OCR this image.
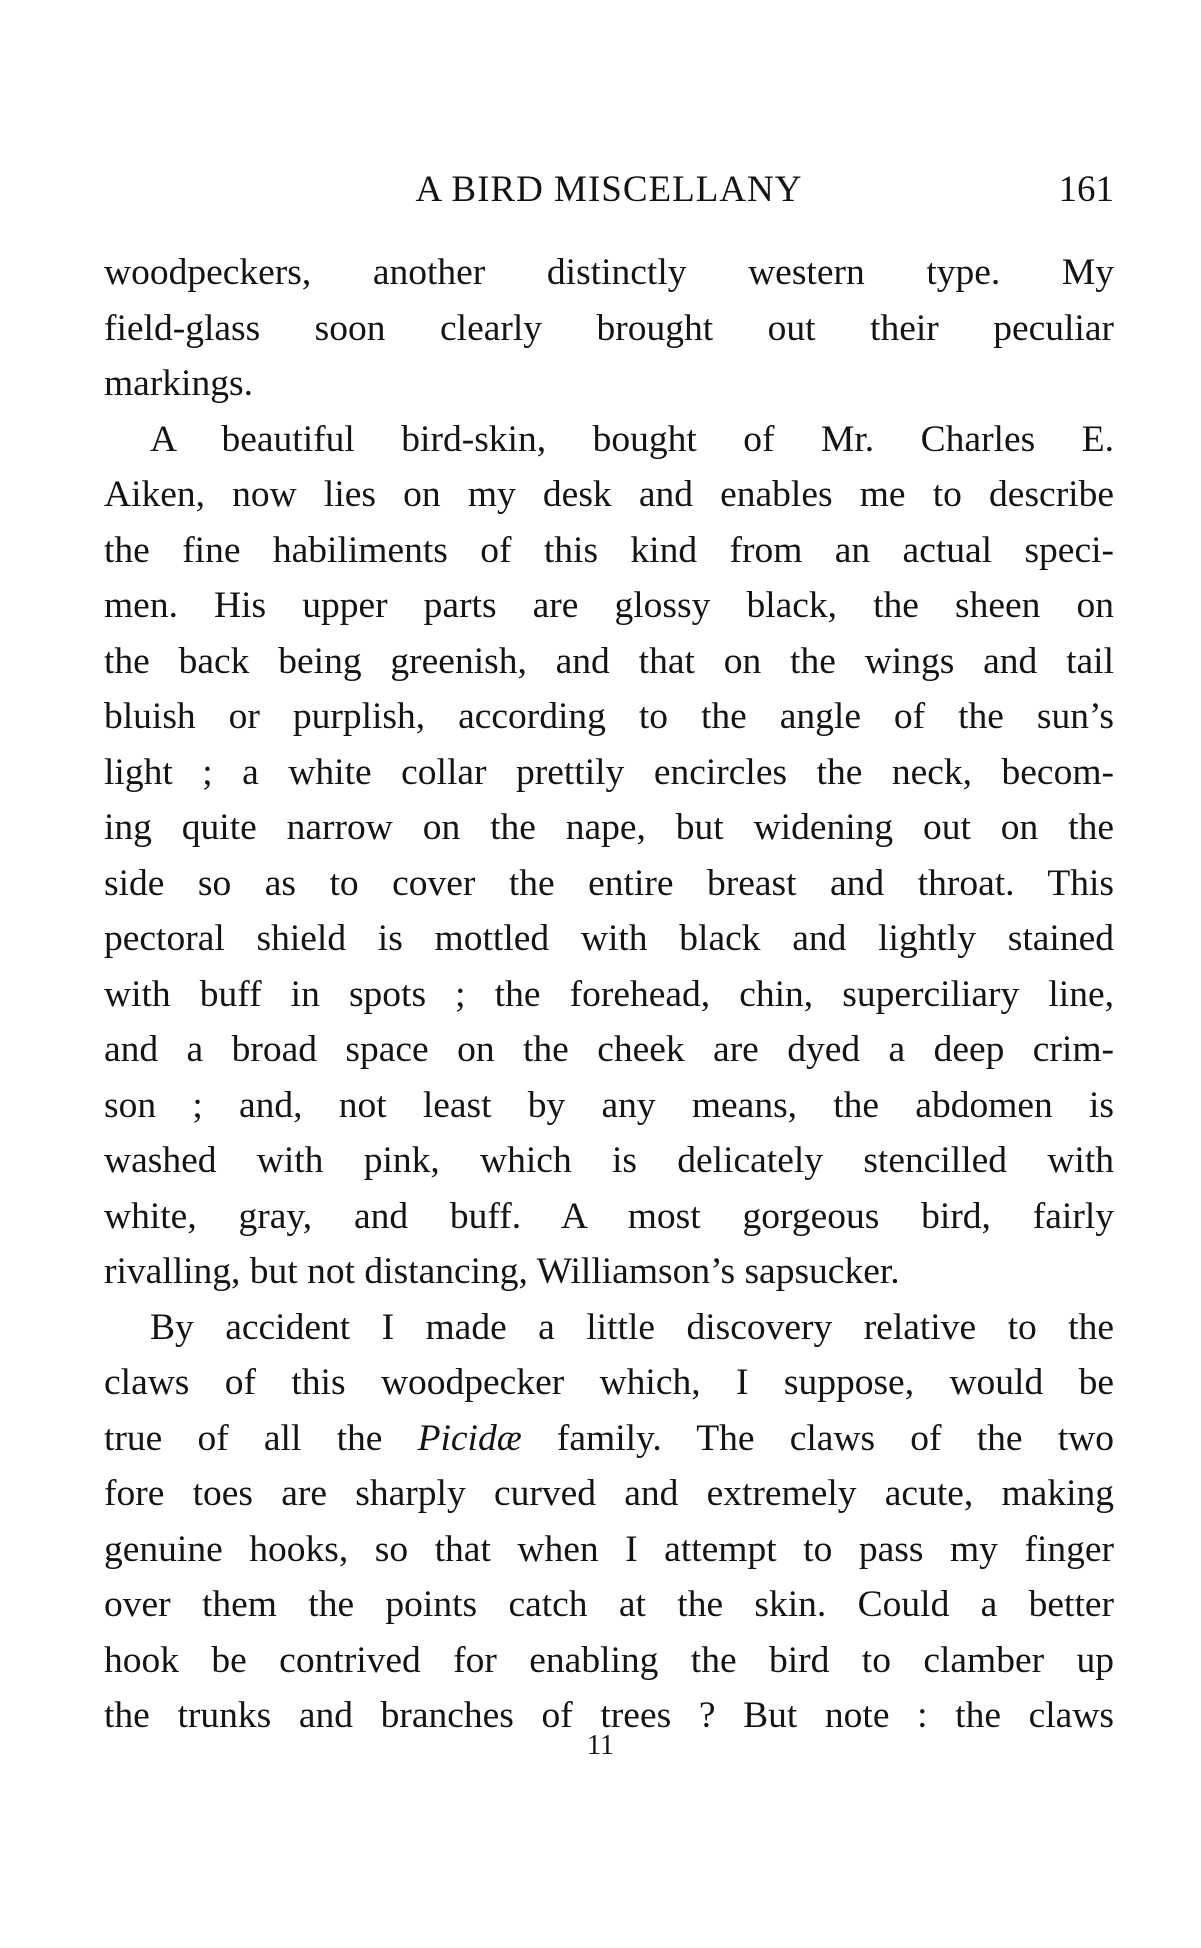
A BIRD MISCELLANY	161
woodpeckers, another distinctly western type. My
field-glass soon clearly brought out their peculiar
markings.
A beautiful bird-skin, bought of Mr. Charles E.
Aiken, now lies on my desk and enables me to describe
the fine habiliments of this kind from an actual speci-
men. His upper parts are glossy black, the sheen on
the back being greenish, and that on the wings and tail
bluish or purplish, according to the angle of the sun’s
light ; a white collar prettily encircles the neck, becom-
ing quite narrow on the nape, but widening out on the
side so as to cover the entire breast and throat. This
pectoral shield is mottled with black and lightly stained
with buff in spots ; the forehead, chin, superciliary line,
and a broad space on the cheek are dyed a deep crim-
son ; and, not least by any means, the abdomen is
washed with pink, which is delicately stencilled with
white, gray, and buff. A most gorgeous bird, fairly
rivalling, but not distancing, Williamson’s sapsucker.
By accident I made a little discovery relative to the
claws of this woodpecker which, I suppose, would be
true of all the Picidæ family. The claws of the two
fore toes are sharply curved and extremely acute, making
genuine hooks, so that when I attempt to pass my finger
over them the points catch at the skin. Could a better
hook be contrived for enabling the bird to clamber up
the trunks and branches of trees ? But note : the claws
11
